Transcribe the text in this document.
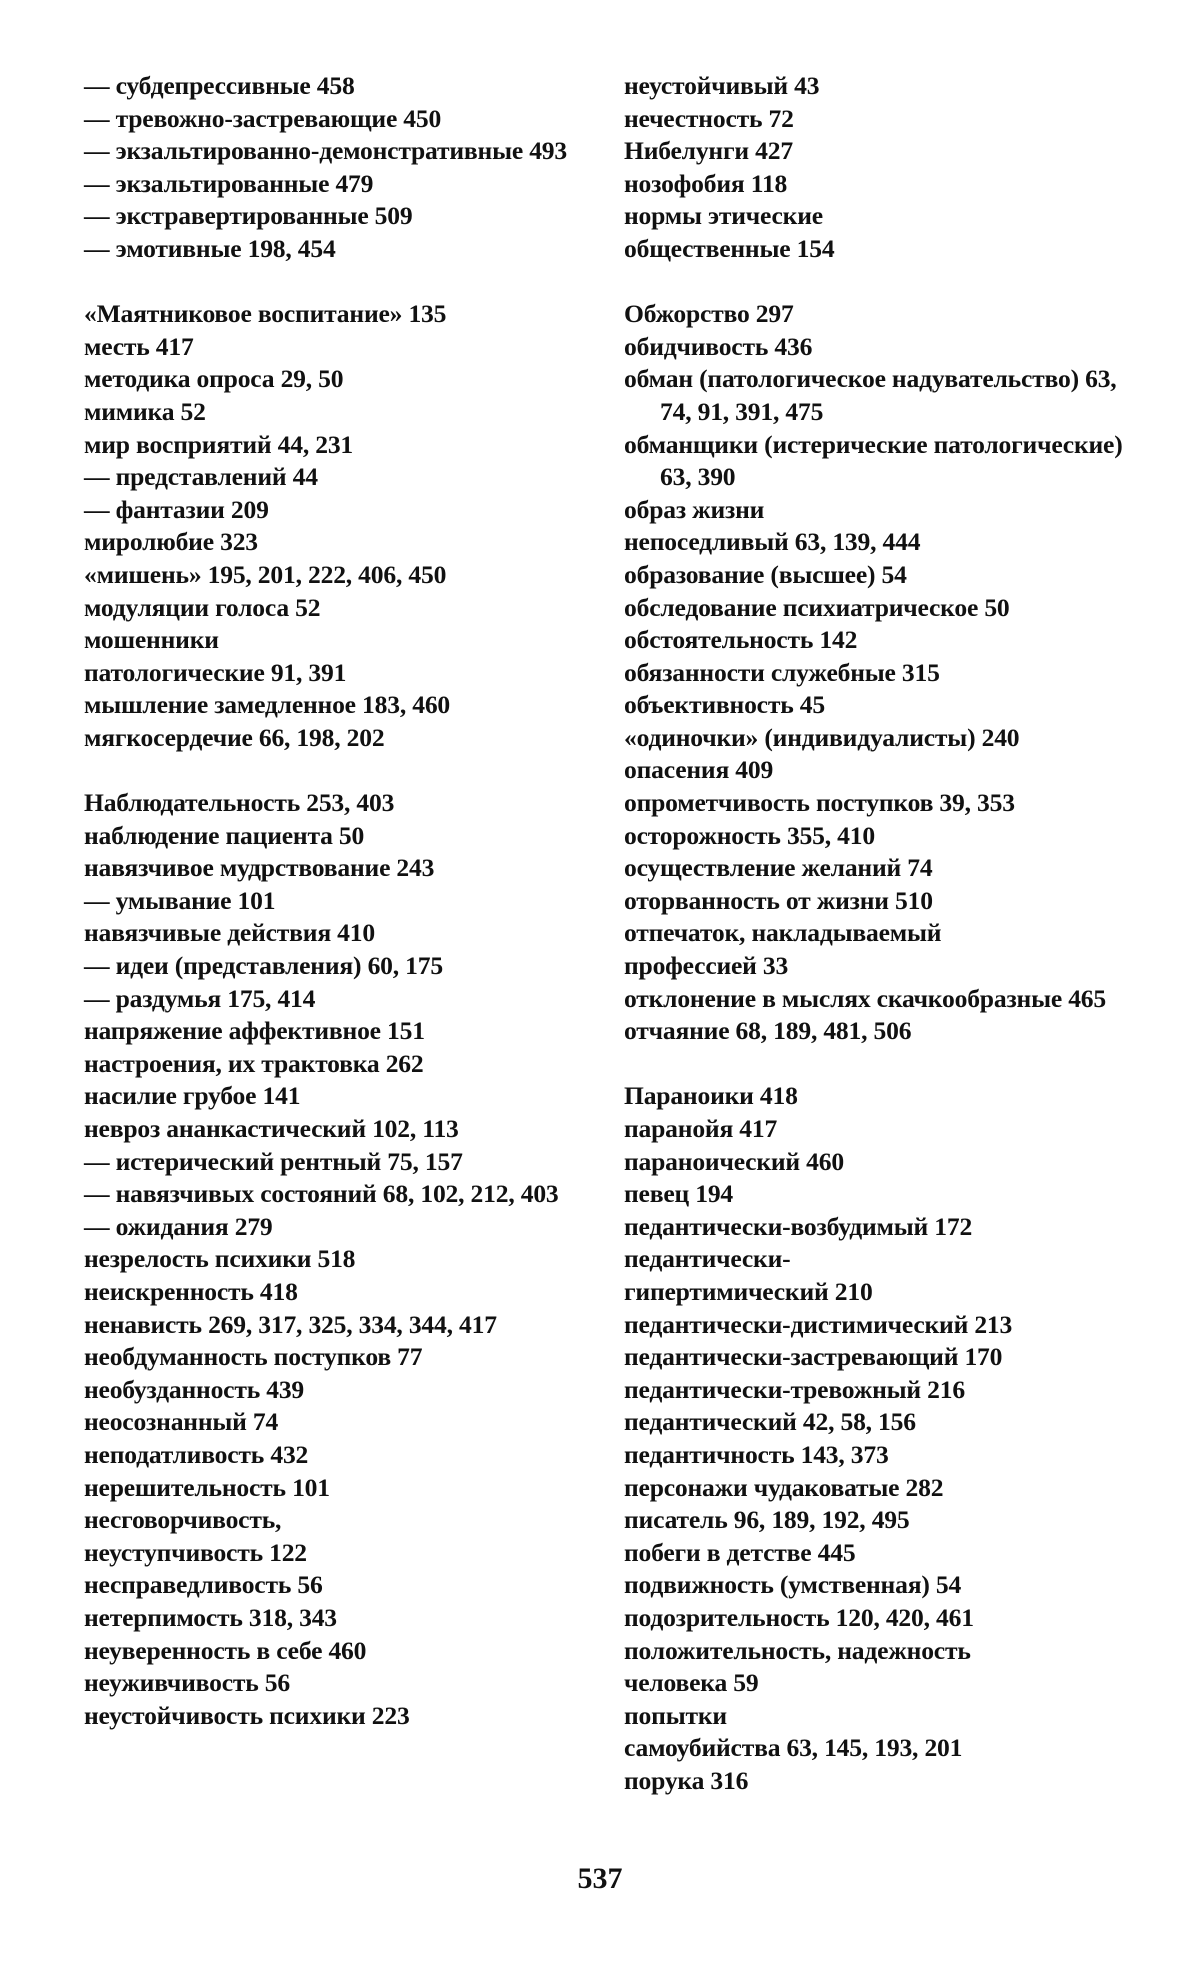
— субдепрессивные 458
— тревожно-застревающие 450
— экзальтированно-демонстративные 493
— экзальтированные 479
— экстравертированные 509
— эмотивные 198, 454
«Маятниковое воспитание» 135
месть 417
методика опроса 29, 50
мимика 52
мир восприятий 44, 231
— представлений 44
— фантазии 209
миролюбие 323
«мишень» 195, 201, 222, 406, 450
модуляции голоса 52
мошенники
патологические 91, 391
мышление замедленное 183, 460
мягкосердечие 66, 198, 202
Наблюдательность 253, 403
наблюдение пациента 50
навязчивое мудрствование 243
— умывание 101
навязчивые действия 410
— идеи (представления) 60, 175
— раздумья 175, 414
напряжение аффективное 151
настроения, их трактовка 262
насилие грубое 141
невроз ананкастический 102, 113
— истерический рентный 75, 157
— навязчивых состояний 68, 102, 212, 403
— ожидания 279
незрелость психики 518
неискренность 418
ненависть 269, 317, 325, 334, 344, 417
необдуманность поступков 77
необузданность 439
неосознанный 74
неподатливость 432
нерешительность 101
несговорчивость,
неуступчивость 122
несправедливость 56
нетерпимость 318, 343
неуверенность в себе 460
неуживчивость 56
неустойчивость психики 223
неустойчивый 43
нечестность 72
Нибелунги 427
нозофобия 118
нормы этические
общественные 154
Обжорство 297
обидчивость 436
обман (патологическое надувательство) 63, 74, 91, 391, 475
обманщики (истерические патологические) 63, 390
образ жизни
непоседливый 63, 139, 444
образование (высшее) 54
обследование психиатрическое 50
обстоятельность 142
обязанности служебные 315
объективность 45
«одиночки» (индивидуалисты) 240
опасения 409
опрометчивость поступков 39, 353
осторожность 355, 410
осуществление желаний 74
оторванность от жизни 510
отпечаток, накладываемый
профессией 33
отклонение в мыслях скачкообразные 465
отчаяние 68, 189, 481, 506
Параноики 418
паранойя 417
параноический 460
певец 194
педантически-возбудимый 172
педантически-
гипертимический 210
педантически-дистимический 213
педантически-застревающий 170
педантически-тревожный 216
педантический 42, 58, 156
педантичность 143, 373
персонажи чудаковатые 282
писатель 96, 189, 192, 495
побеги в детстве 445
подвижность (умственная) 54
подозрительность 120, 420, 461
положительность, надежность
человека 59
попытки
самоубийства 63, 145, 193, 201
порука 316
537
